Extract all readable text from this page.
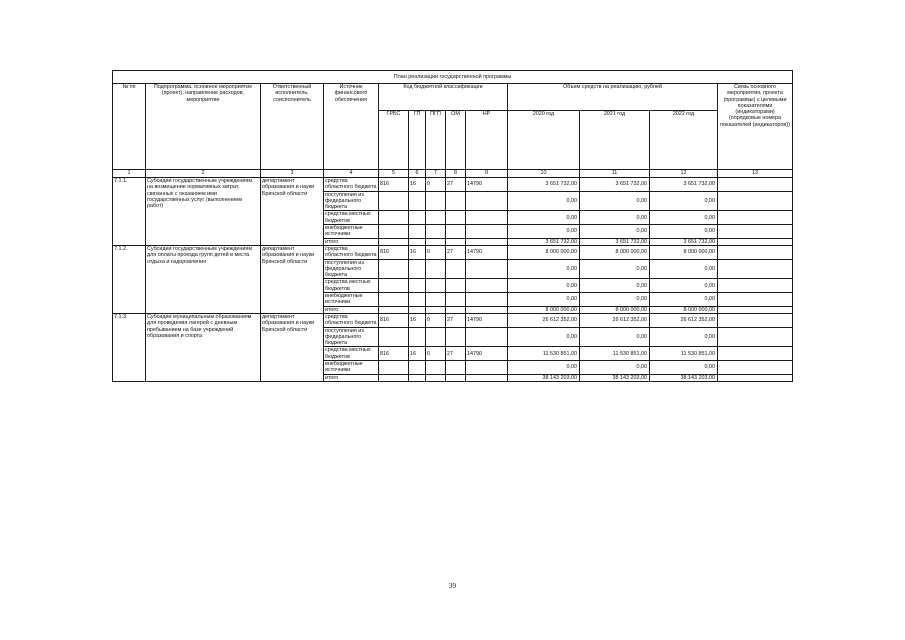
План реализации государственной программы												
№ пп	Подпрограмма, основное мероприятие (проект), направление расходов, мероприятие	Ответственный исполнитель, соисполнитель	Источник финансового обеспечения	Код бюджетной классификации					Объем средств на реализацию, рублей			Связь основного мероприятия, проекта (программы) с целевыми показателями (индикаторами) (порядковые номера показателей (индикаторов))
				ГРБС	ГП	ПГП	ОМ	НР	2020 год	2021 год	2022 год	
1	2	3	4	5	6	7	8	9	10	11	12	13
7.1.1.	Субсидии государственным учреждениям на возмещение нормативных затрат, связанных с оказанием ими государственных услуг (выполнением работ)	департамент образования и науки Брянской области	средства областного бюджета	816	16	0	27	14790	3 651 732,00	3 651 732,00	3 651 732,00	
			поступления из федерального бюджета						0,00	0,00	0,00	
			средства местных бюджетов						0,00	0,00	0,00	
			внебюджетные источники						0,00	0,00	0,00	
			итого						3 651 732,00	3 651 732,00	3 651 732,00	
7.1.2.	Субсидии государственным учреждениям для оплаты проезда групп детей в места отдыха и оздоровления	департамент образования и науки Брянской области	средства областного бюджета	816	16	0	27	14790	8 000 000,00	8 000 000,00	8 000 000,00	
			поступления из федерального бюджета						0,00	0,00	0,00	
			средства местных бюджетов						0,00	0,00	0,00	
			внебюджетные источники						0,00	0,00	0,00	
			итого						8 000 000,00	8 000 000,00	8 000 000,00	
7.1.3.	Субсидии муниципальным образованиям для проведения лагерей с дневным пребыванием на базе учреждений образования и спорта	департамент образования и науки Брянской области	средства областного бюджета	816	16	0	27	14790	26 612 352,00	26 612 352,00	26 612 352,00	
			поступления из федерального бюджета						0,00	0,00	0,00	
			средства местных бюджетов	816	16	0	27	14790	11 530 851,00	11 530 851,00	11 530 851,00	
			внебюджетные источники						0,00	0,00	0,00	
			итого						38 143 203,00	38 143 203,00	38 143 203,00	
39
